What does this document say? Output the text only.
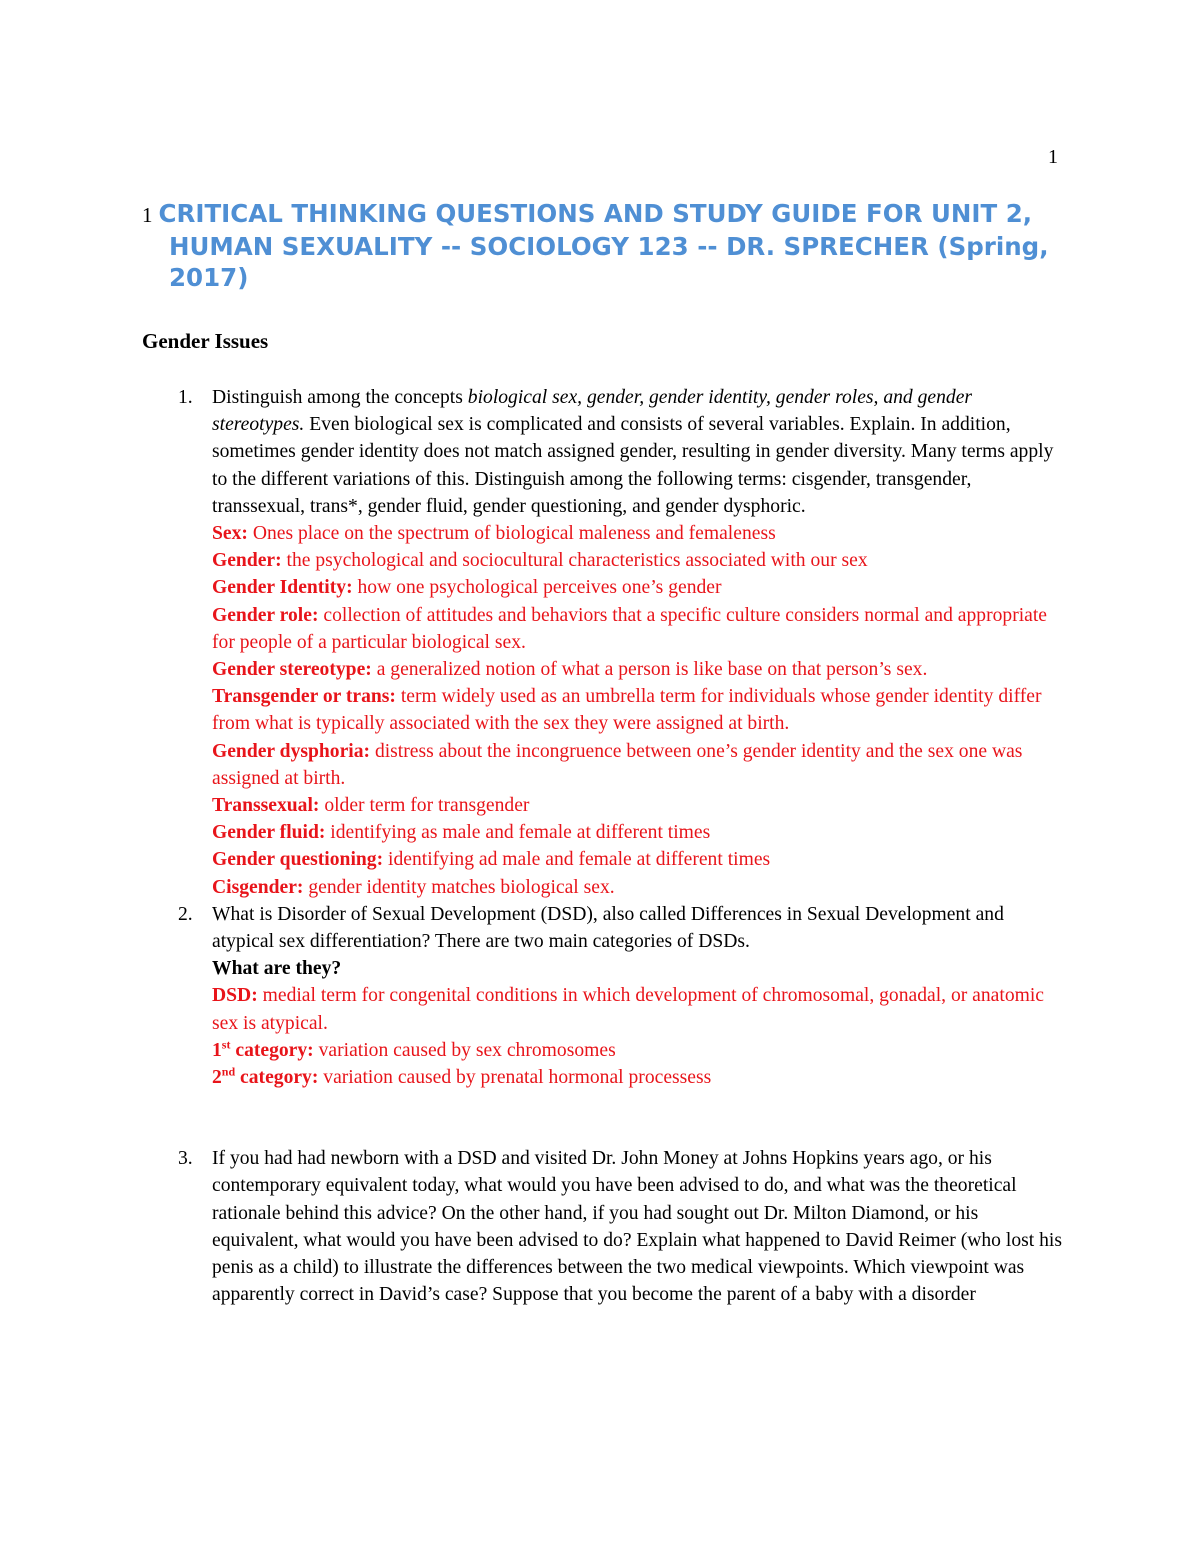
1
1 CRITICAL THINKING QUESTIONS AND STUDY GUIDE FOR UNIT 2,
HUMAN SEXUALITY -- SOCIOLOGY 123 -- DR. SPRECHER (Spring, 2017)
Gender Issues
1. Distinguish among the concepts biological sex, gender, gender identity, gender roles, and gender stereotypes. Even biological sex is complicated and consists of several variables. Explain. In addition, sometimes gender identity does not match assigned gender, resulting in gender diversity. Many terms apply to the different variations of this. Distinguish among the following terms: cisgender, transgender, transsexual, trans*, gender fluid, gender questioning, and gender dysphoric.
Sex: Ones place on the spectrum of biological maleness and femaleness
Gender: the psychological and sociocultural characteristics associated with our sex
Gender Identity: how one psychological perceives one’s gender
Gender role: collection of attitudes and behaviors that a specific culture considers normal and appropriate for people of a particular biological sex.
Gender stereotype: a generalized notion of what a person is like base on that person’s sex.
Transgender or trans: term widely used as an umbrella term for individuals whose gender identity differ from what is typically associated with the sex they were assigned at birth.
Gender dysphoria: distress about the incongruence between one’s gender identity and the sex one was assigned at birth.
Transsexual: older term for transgender
Gender fluid: identifying as male and female at different times
Gender questioning: identifying ad male and female at different times
Cisgender: gender identity matches biological sex.
2. What is Disorder of Sexual Development (DSD), also called Differences in Sexual Development and atypical sex differentiation? There are two main categories of DSDs.
What are they?
DSD: medial term for congenital conditions in which development of chromosomal, gonadal, or anatomic sex is atypical.
1st category: variation caused by sex chromosomes
2nd category: variation caused by prenatal hormonal processess
3. If you had had newborn with a DSD and visited Dr. John Money at Johns Hopkins years ago, or his contemporary equivalent today, what would you have been advised to do, and what was the theoretical rationale behind this advice? On the other hand, if you had sought out Dr. Milton Diamond, or his equivalent, what would you have been advised to do? Explain what happened to David Reimer (who lost his penis as a child) to illustrate the differences between the two medical viewpoints. Which viewpoint was apparently correct in David’s case? Suppose that you become the parent of a baby with a disorder
